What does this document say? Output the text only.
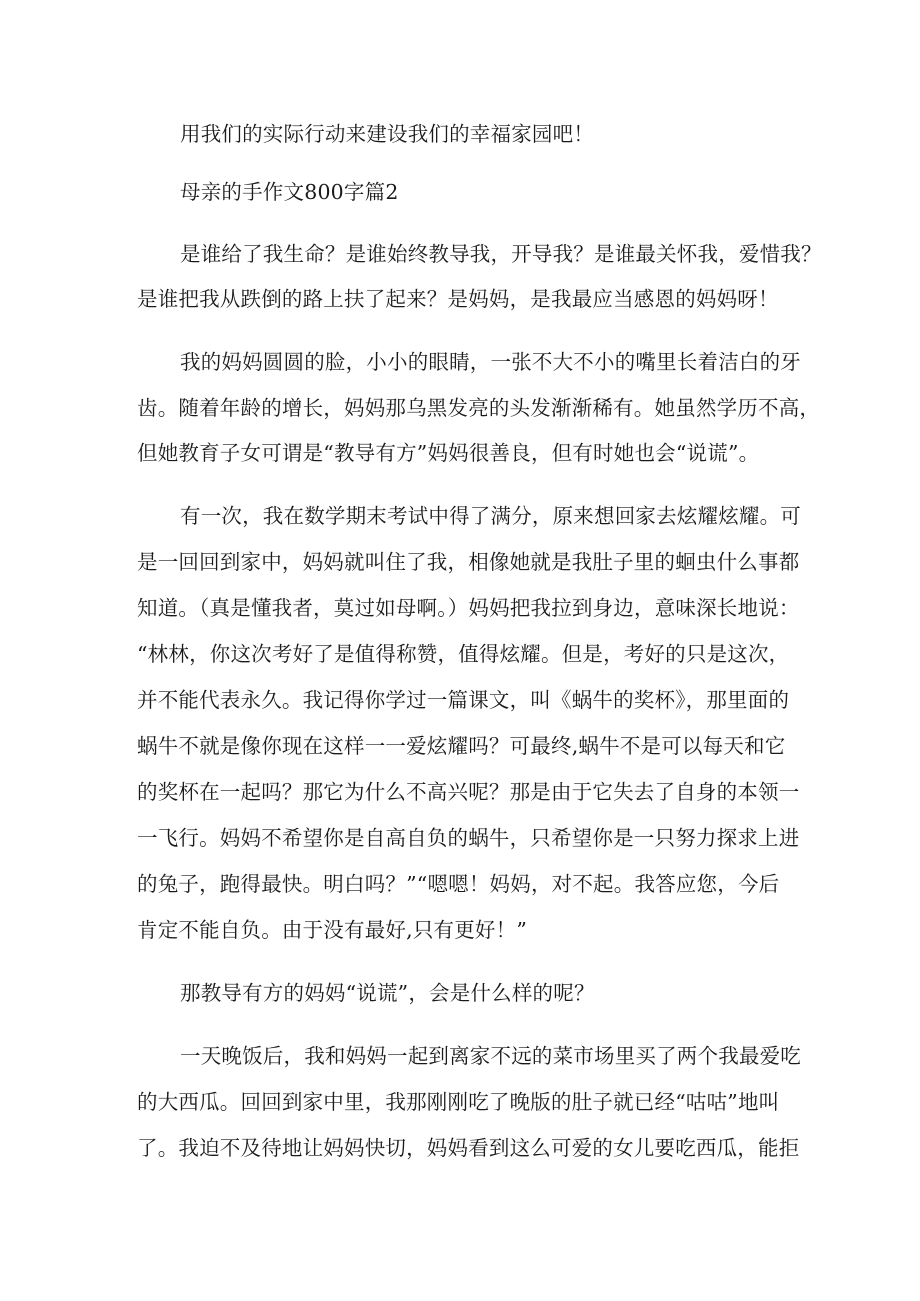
用我们的实际行动来建设我们的幸福家园吧！
母亲的手作文800字篇2
是谁给了我生命？是谁始终教导我，开导我？是谁最关怀我，爱惜我？
是谁把我从跌倒的路上扶了起来？是妈妈，是我最应当感恩的妈妈呀！
我的妈妈圆圆的脸，小小的眼睛，一张不大不小的嘴里长着洁白的牙
齿。随着年龄的增长，妈妈那乌黑发亮的头发渐渐稀有。她虽然学历不高，
但她教育子女可谓是“教导有方”妈妈很善良，但有时她也会“说谎”。
有一次，我在数学期末考试中得了满分，原来想回家去炫耀炫耀。可
是一回回到家中，妈妈就叫住了我，相像她就是我肚子里的蛔虫什么事都
知道。（真是懂我者，莫过如母啊。）妈妈把我拉到身边，意味深长地说：
“林林，你这次考好了是值得称赞，值得炫耀。但是，考好的只是这次，
并不能代表永久。我记得你学过一篇课文，叫《蜗牛的奖杯》，那里面的
蜗牛不就是像你现在这样一一爱炫耀吗？可最终,蜗牛不是可以每天和它
的奖杯在一起吗？那它为什么不高兴呢？那是由于它失去了自身的本领一
一飞行。妈妈不希望你是自高自负的蜗牛，只希望你是一只努力探求上进
的兔子，跑得最快。明白吗？”“嗯嗯！妈妈，对不起。我答应您，今后
肯定不能自负。由于没有最好,只有更好！”
那教导有方的妈妈“说谎”，会是什么样的呢？
一天晚饭后，我和妈妈一起到离家不远的菜市场里买了两个我最爱吃
的大西瓜。回回到家中里，我那刚刚吃了晚版的肚子就已经“咕咕”地叫
了。我迫不及待地让妈妈快切，妈妈看到这么可爱的女儿要吃西瓜，能拒
